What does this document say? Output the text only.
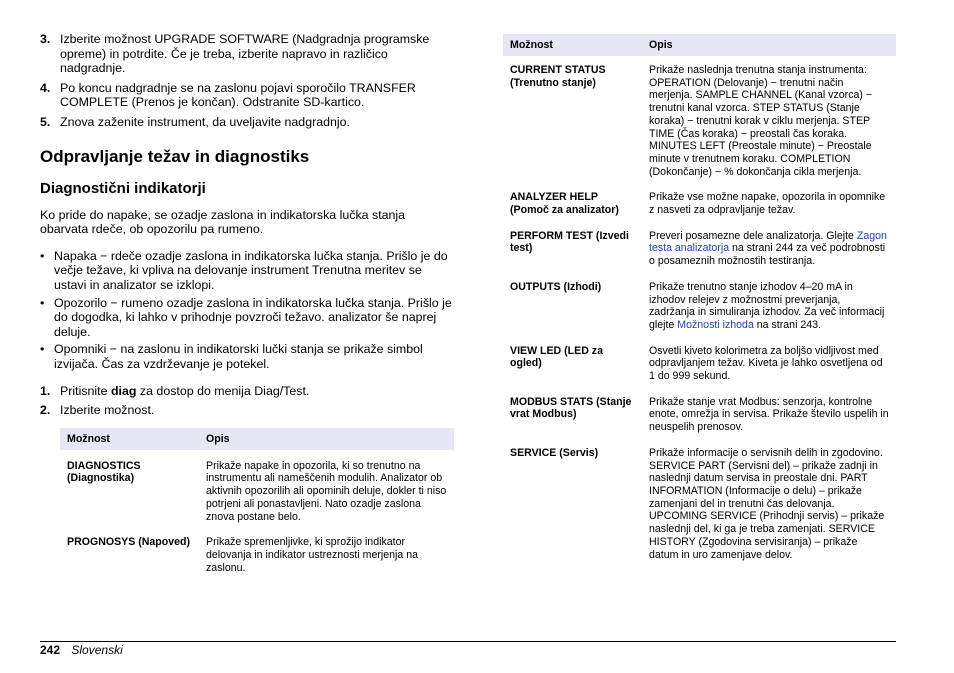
3. Izberite možnost UPGRADE SOFTWARE (Nadgradnja programske opreme) in potrdite. Če je treba, izberite napravo in različico nadgradnje.
4. Po koncu nadgradnje se na zaslonu pojavi sporočilo TRANSFER COMPLETE (Prenos je končan). Odstranite SD-kartico.
5. Znova zaženite instrument, da uveljavite nadgradnjo.
Odpravljanje težav in diagnostiks
Diagnostični indikatorji

Ko pride do napake, se ozadje zaslona in indikatorska lučka stanja obarvata rdeče, ob opozorilu pa rumeno.

• Napaka − rdeče ozadje zaslona in indikatorska lučka stanja. Prišlo je do večje težave, ki vpliva na delovanje instrument Trenutna meritev se ustavi in analizator se izklopi.
• Opozorilo − rumeno ozadje zaslona in indikatorska lučka stanja. Prišlo je do dogodka, ki lahko v prihodnje povzroči težavo. analizator še naprej deluje.
• Opomniki − na zaslonu in indikatorski lučki stanja se prikaže simbol izvijača. Čas za vzdrževanje je potekel.
1. Pritisnite diag za dostop do menija Diag/Test.
2. Izberite možnost.
Možnost	Opis
DIAGNOSTICS (Diagnostika)	Prikaže napake in opozorila, ki so trenutno na instrumentu ali nameščenih modulih. Analizator ob aktivnih opozorilih ali opominih deluje, dokler ti niso potrjeni ali ponastavljeni. Nato ozadje zaslona znova postane belo.
PROGNOSYS (Napoved)	Prikaže spremenljivke, ki sprožijo indikator delovanja in indikator ustreznosti merjenja na zaslonu.
Možnost	Opis
CURRENT STATUS (Trenutno stanje)	Prikaže naslednja trenutna stanja instrumenta: OPERATION (Delovanje) − trenutni način merjenja. SAMPLE CHANNEL (Kanal vzorca) − trenutni kanal vzorca. STEP STATUS (Stanje koraka) − trenutni korak v ciklu merjenja. STEP TIME (Čas koraka) − preostali čas koraka. MINUTES LEFT (Preostale minute) − Preostale minute v trenutnem koraku. COMPLETION (Dokončanje) − % dokončanja cikla merjenja.
ANALYZER HELP (Pomoč za analizator)	Prikaže vse možne napake, opozorila in opomnike z nasveti za odpravljanje težav.
PERFORM TEST (Izvedi test)	Preveri posamezne dele analizatorja. Glejte Zagon testa analizatorja na strani 244 za več podrobnosti o posameznih možnostih testiranja.
OUTPUTS (Izhodi)	Prikaže trenutno stanje izhodov 4–20 mA in izhodov relejev z možnostmi preverjanja, zadržanja in simuliranja izhodov. Za več informacij glejte Možnosti izhoda na strani 243.
VIEW LED (LED za ogled)	Osvetli kiveto kolorimetra za boljšo vidljivost med odpravljanjem težav. Kiveta je lahko osvetljena od 1 do 999 sekund.
MODBUS STATS (Stanje vrat Modbus)	Prikaže stanje vrat Modbus: senzorja, kontrolne enote, omrežja in servisa. Prikaže število uspelih in neuspelih prenosov.
SERVICE (Servis)	Prikaže informacije o servisnih delih in zgodovino. SERVICE PART (Servisni del) – prikaže zadnji in naslednji datum servisa in preostale dni. PART INFORMATION (Informacije o delu) – prikaže zamenjani del in trenutni čas delovanja. UPCOMING SERVICE (Prihodnji servis) – prikaže naslednji del, ki ga je treba zamenjati. SERVICE HISTORY (Zgodovina servisiranja) – prikaže datum in uro zamenjave delov.
242 Slovenski
